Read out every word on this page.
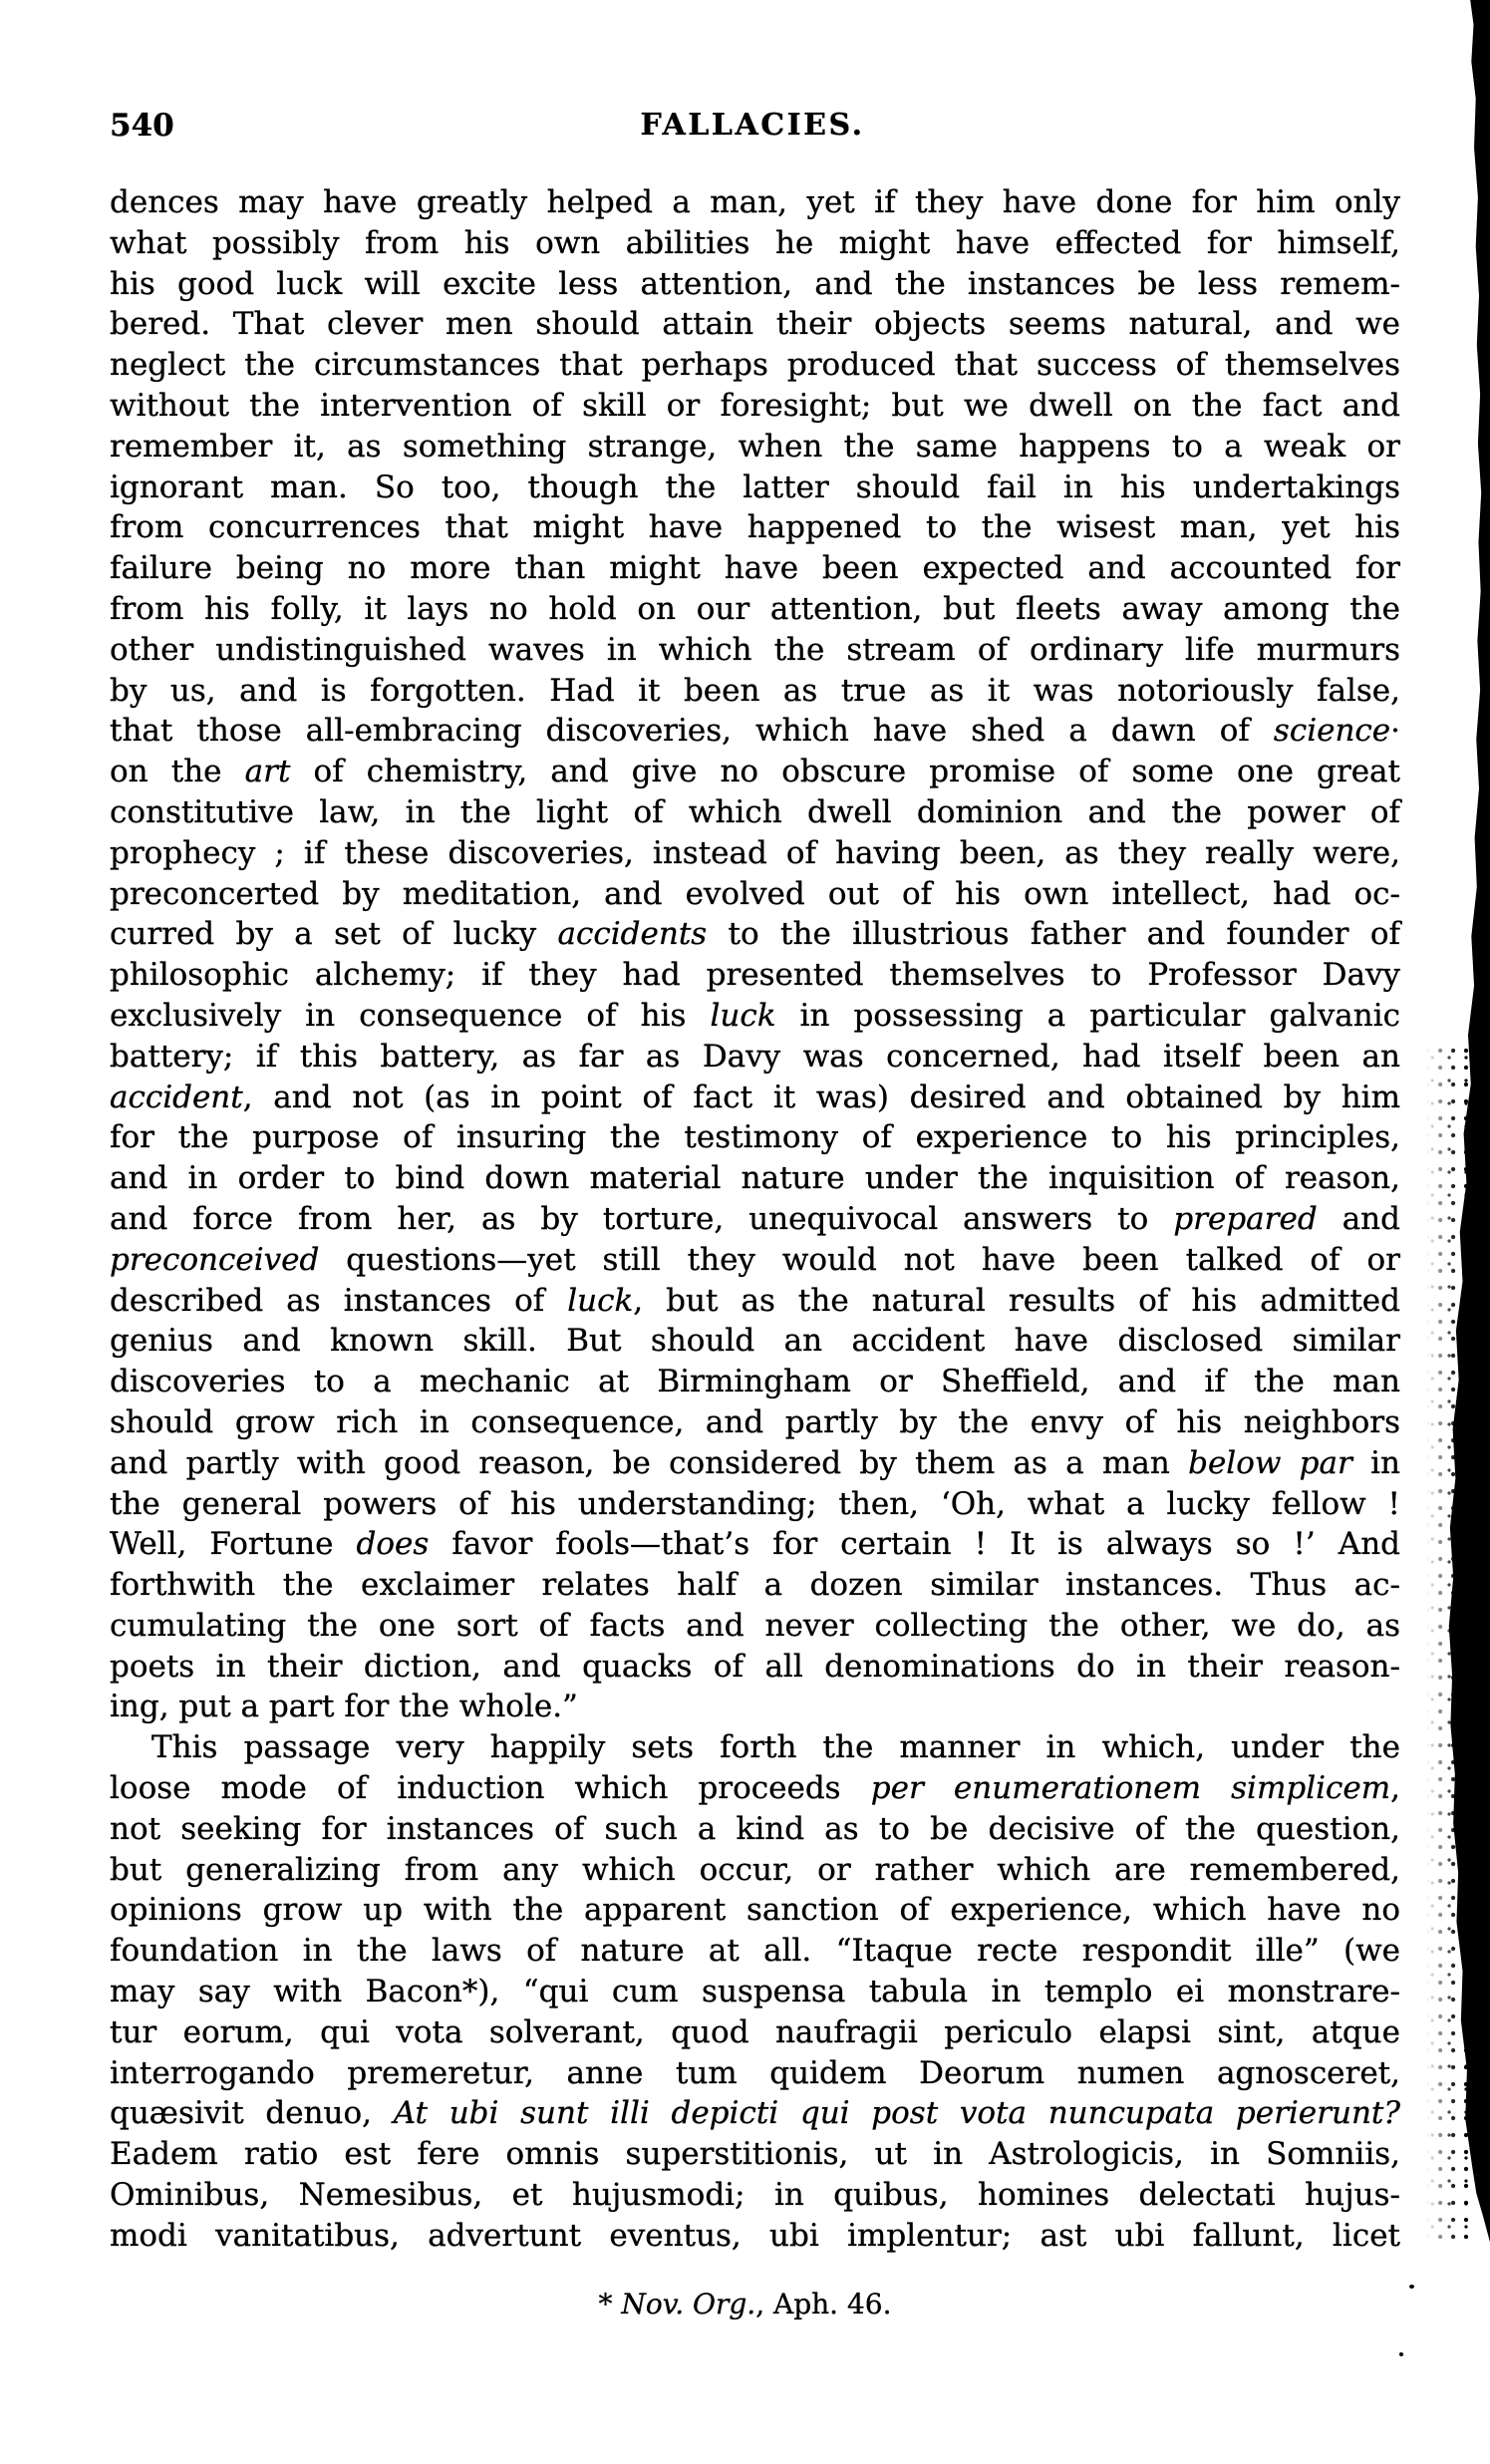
540	FALLACIES.
dences may have greatly helped a man, yet if they have done for him only
what possibly from his own abilities he might have effected for himself,
his good luck will excite less attention, and the instances be less remem-
bered. That clever men should attain their objects seems natural, and we
neglect the circumstances that perhaps produced that success of themselves
without the intervention of skill or foresight; but we dwell on the fact and
remember it, as something strange, when the same happens to a weak or
ignorant man. So too, though the latter should fail in his undertakings
from concurrences that might have happened to the wisest man, yet his
failure being no more than might have been expected and accounted for
from his folly, it lays no hold on our attention, but fleets away among the
other undistinguished waves in which the stream of ordinary life murmurs
by us, and is forgotten. Had it been as true as it was notoriously false,
that those all-embracing discoveries, which have shed a dawn of science·
on the art of chemistry, and give no obscure promise of some one great
constitutive law, in the light of which dwell dominion and the power of
prophecy ; if these discoveries, instead of having been, as they really were,
preconcerted by meditation, and evolved out of his own intellect, had oc-
curred by a set of lucky accidents to the illustrious father and founder of
philosophic alchemy; if they had presented themselves to Professor Davy
exclusively in consequence of his luck in possessing a particular galvanic
battery; if this battery, as far as Davy was concerned, had itself been an
accident, and not (as in point of fact it was) desired and obtained by him
for the purpose of insuring the testimony of experience to his principles,
and in order to bind down material nature under the inquisition of reason,
and force from her, as by torture, unequivocal answers to prepared and
preconceived questions—yet still they would not have been talked of or
described as instances of luck, but as the natural results of his admitted
genius and known skill. But should an accident have disclosed similar
discoveries to a mechanic at Birmingham or Sheffield, and if the man
should grow rich in consequence, and partly by the envy of his neighbors
and partly with good reason, be considered by them as a man below par in
the general powers of his understanding; then, ‘Oh, what a lucky fellow !
Well, Fortune does favor fools—that’s for certain ! It is always so !’ And
forthwith the exclaimer relates half a dozen similar instances. Thus ac-
cumulating the one sort of facts and never collecting the other, we do, as
poets in their diction, and quacks of all denominations do in their reason-
ing, put a part for the whole.”
This passage very happily sets forth the manner in which, under the
loose mode of induction which proceeds per enumerationem simplicem,
not seeking for instances of such a kind as to be decisive of the question,
but generalizing from any which occur, or rather which are remembered,
opinions grow up with the apparent sanction of experience, which have no
foundation in the laws of nature at all. “Itaque recte respondit ille” (we
may say with Bacon*), “qui cum suspensa tabula in templo ei monstrare-
tur eorum, qui vota solverant, quod naufragii periculo elapsi sint, atque
interrogando premeretur, anne tum quidem Deorum numen agnosceret,
quæsivit denuo, At ubi sunt illi depicti qui post vota nuncupata perierunt?
Eadem ratio est fere omnis superstitionis, ut in Astrologicis, in Somniis,
Ominibus, Nemesibus, et hujusmodi; in quibus, homines delectati hujus-
modi vanitatibus, advertunt eventus, ubi implentur; ast ubi fallunt, licet
* Nov. Org., Aph. 46.
